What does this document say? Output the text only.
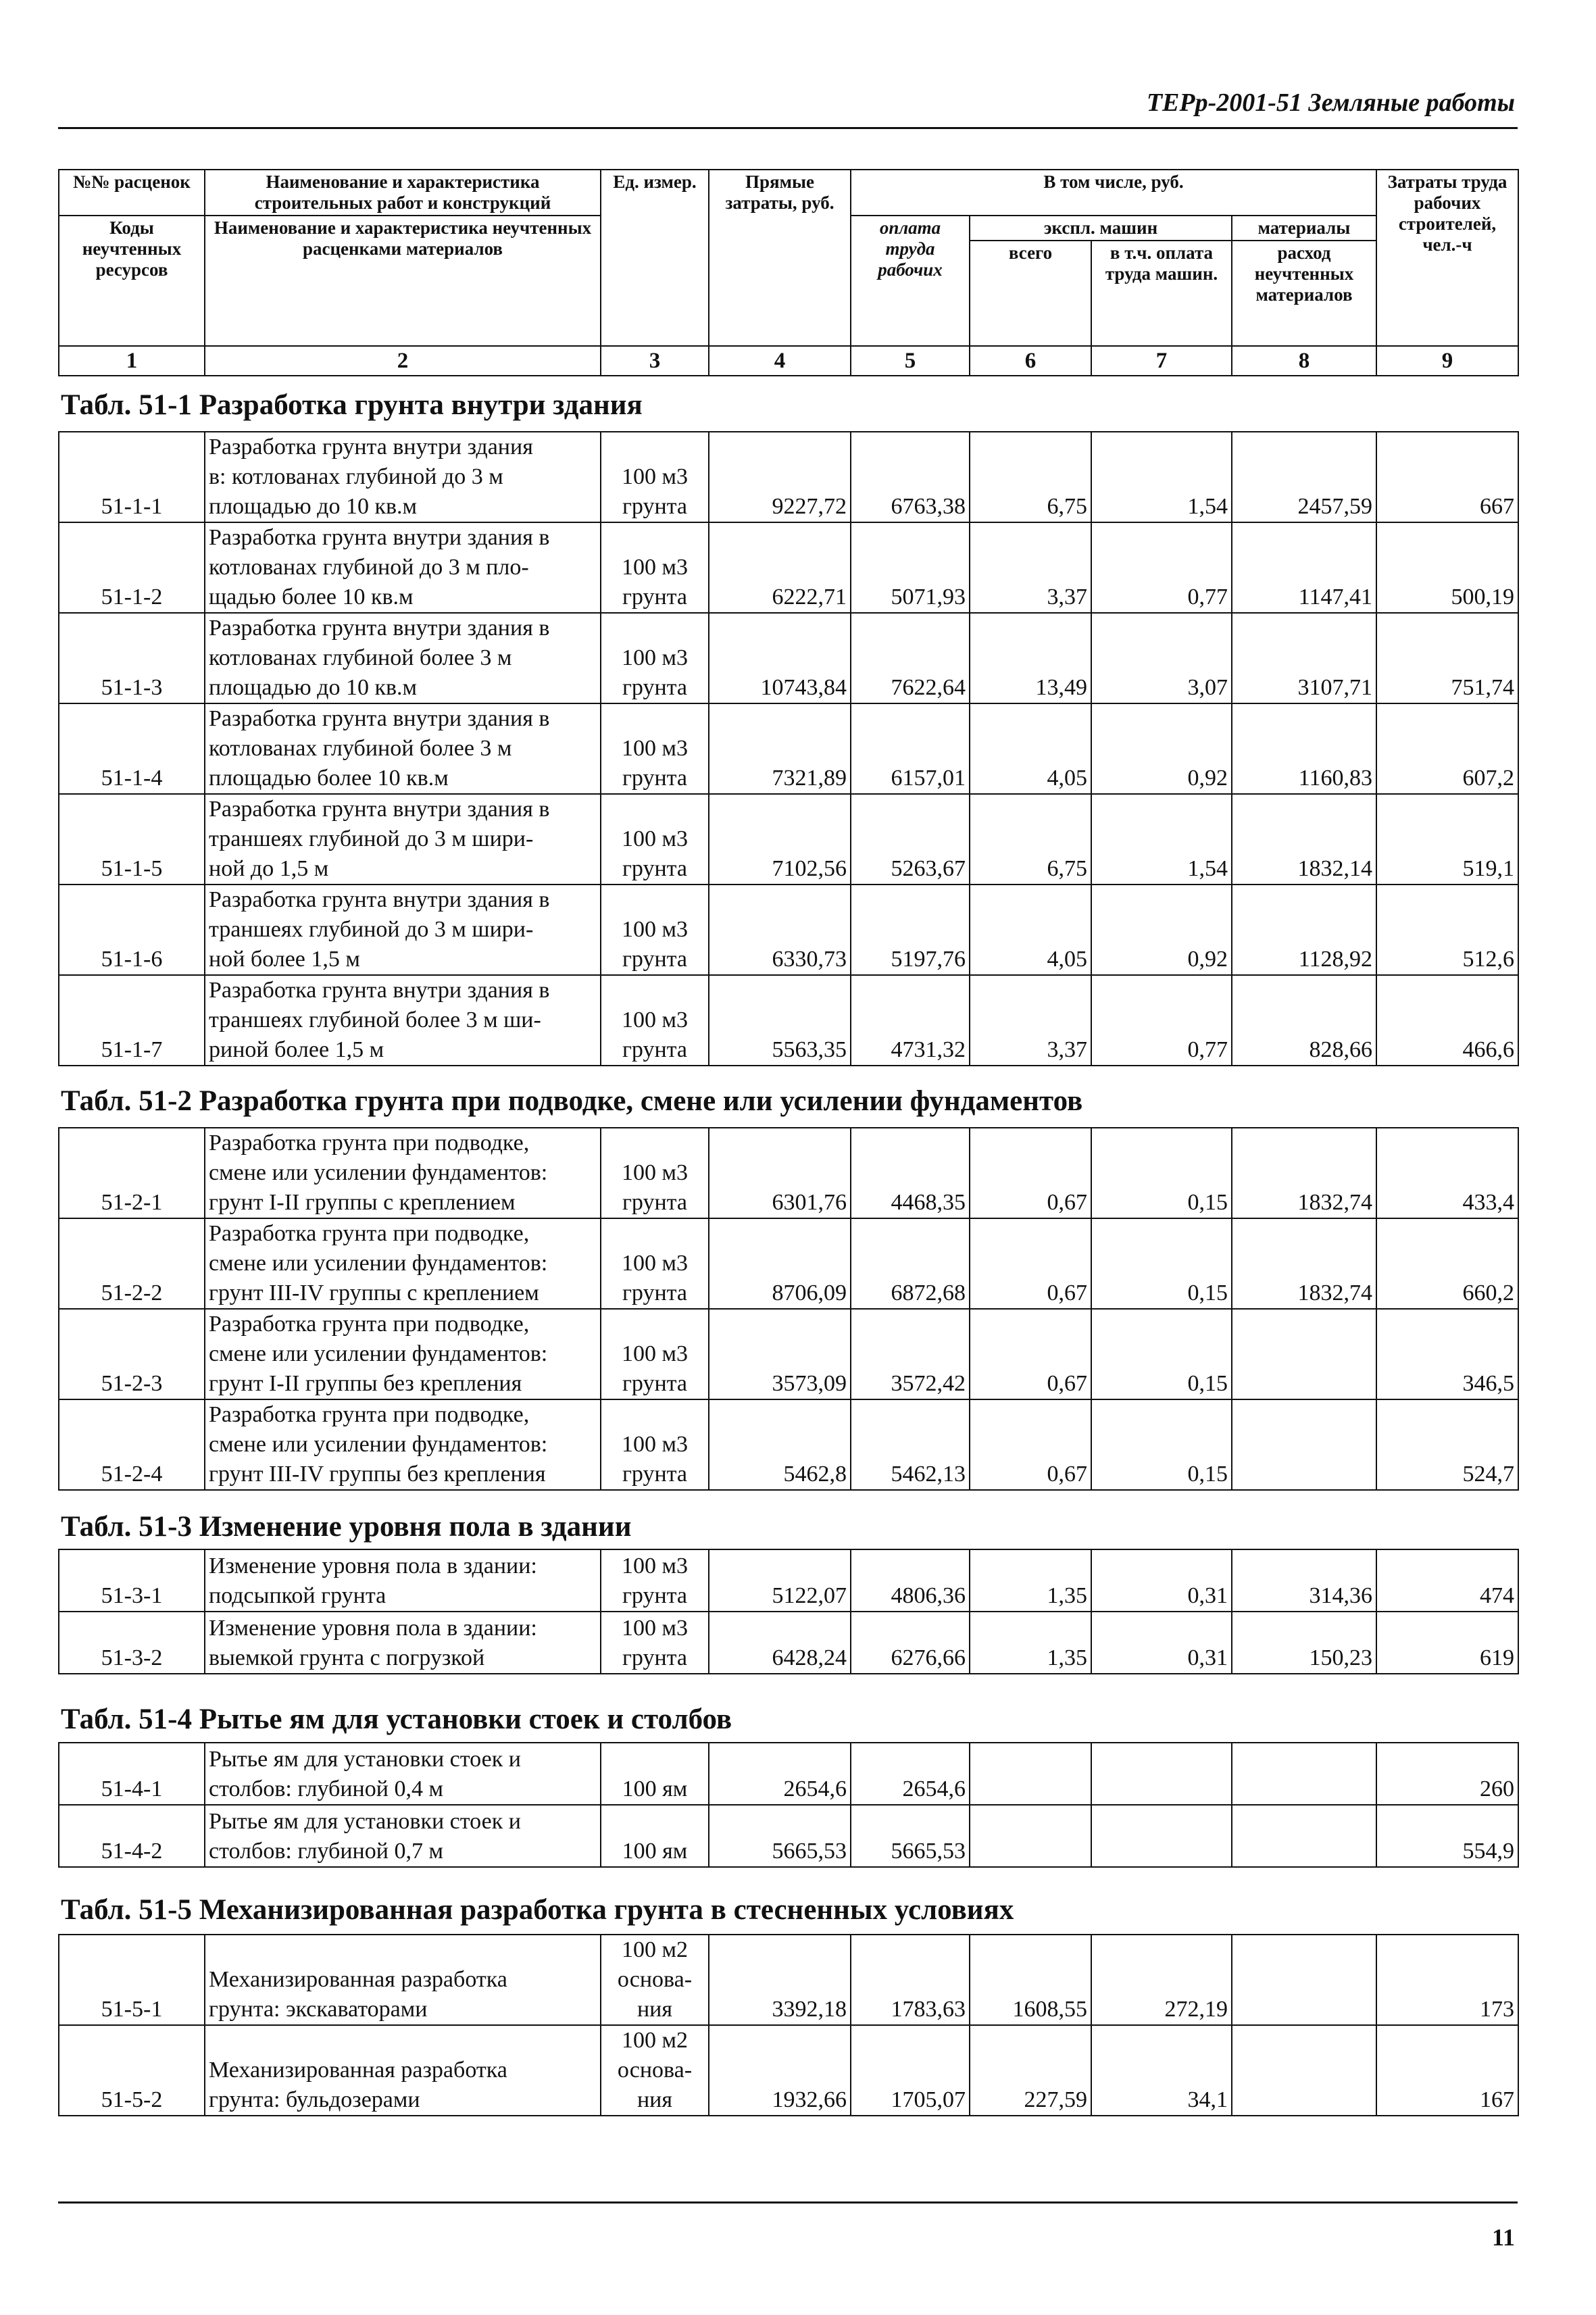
ТЕРр-2001-51 Земляные работы
№№ расценок	Наименование и характеристика строительных работ и конструкций	Ед. измер.	Прямые затраты, руб.	В том числе, руб.				Затраты труда рабочих строителей, чел.-ч
Коды неучтенных ресурсов	Наименование и характеристика неучтенных расценками материалов			оплата труда рабочих	экспл. машин		материалы	
					всего	в т.ч. оплата труда машин.	расход неучтенных материалов	
1	2	3	4	5	6	7	8	9
Табл. 51-1 Разработка грунта внутри здания
51-1-1	Разработка грунта внутри здания
в: котлованах глубиной до 3 м
площадью до 10 кв.м	100 м3
грунта	9227,72	6763,38	6,75	1,54	2457,59	667
51-1-2	Разработка грунта внутри здания в
котлованах глубиной до 3 м пло-
щадью более 10 кв.м	100 м3
грунта	6222,71	5071,93	3,37	0,77	1147,41	500,19
51-1-3	Разработка грунта внутри здания в
котлованах глубиной более 3 м
площадью до 10 кв.м	100 м3
грунта	10743,84	7622,64	13,49	3,07	3107,71	751,74
51-1-4	Разработка грунта внутри здания в
котлованах глубиной более 3 м
площадью более 10 кв.м	100 м3
грунта	7321,89	6157,01	4,05	0,92	1160,83	607,2
51-1-5	Разработка грунта внутри здания в
траншеях глубиной до 3 м шири-
ной до 1,5 м	100 м3
грунта	7102,56	5263,67	6,75	1,54	1832,14	519,1
51-1-6	Разработка грунта внутри здания в
траншеях глубиной до 3 м шири-
ной более 1,5 м	100 м3
грунта	6330,73	5197,76	4,05	0,92	1128,92	512,6
51-1-7	Разработка грунта внутри здания в
траншеях глубиной более 3 м ши-
риной более 1,5 м	100 м3
грунта	5563,35	4731,32	3,37	0,77	828,66	466,6
Табл. 51-2 Разработка грунта при подводке, смене или усилении фундаментов
51-2-1	Разработка грунта при подводке,
смене или усилении фундаментов:
грунт I-II группы с креплением	100 м3
грунта	6301,76	4468,35	0,67	0,15	1832,74	433,4
51-2-2	Разработка грунта при подводке,
смене или усилении фундаментов:
грунт III-IV группы с креплением	100 м3
грунта	8706,09	6872,68	0,67	0,15	1832,74	660,2
51-2-3	Разработка грунта при подводке,
смене или усилении фундаментов:
грунт I-II группы без крепления	100 м3
грунта	3573,09	3572,42	0,67	0,15		346,5
51-2-4	Разработка грунта при подводке,
смене или усилении фундаментов:
грунт III-IV группы без крепления	100 м3
грунта	5462,8	5462,13	0,67	0,15		524,7
Табл. 51-3 Изменение уровня пола в здании
51-3-1	Изменение уровня пола в здании:
подсыпкой грунта	100 м3
грунта	5122,07	4806,36	1,35	0,31	314,36	474
51-3-2	Изменение уровня пола в здании:
выемкой грунта с погрузкой	100 м3
грунта	6428,24	6276,66	1,35	0,31	150,23	619
Табл. 51-4 Рытье ям для установки стоек и столбов
51-4-1	Рытье ям для установки стоек и
столбов: глубиной 0,4 м	100 ям	2654,6	2654,6				260
51-4-2	Рытье ям для установки стоек и
столбов: глубиной 0,7 м	100 ям	5665,53	5665,53				554,9
Табл. 51-5 Механизированная разработка грунта в стесненных условиях
51-5-1	Механизированная разработка
грунта: экскаваторами	100 м2
основа-
ния	3392,18	1783,63	1608,55	272,19		173
51-5-2	Механизированная разработка
грунта: бульдозерами	100 м2
основа-
ния	1932,66	1705,07	227,59	34,1		167
11
